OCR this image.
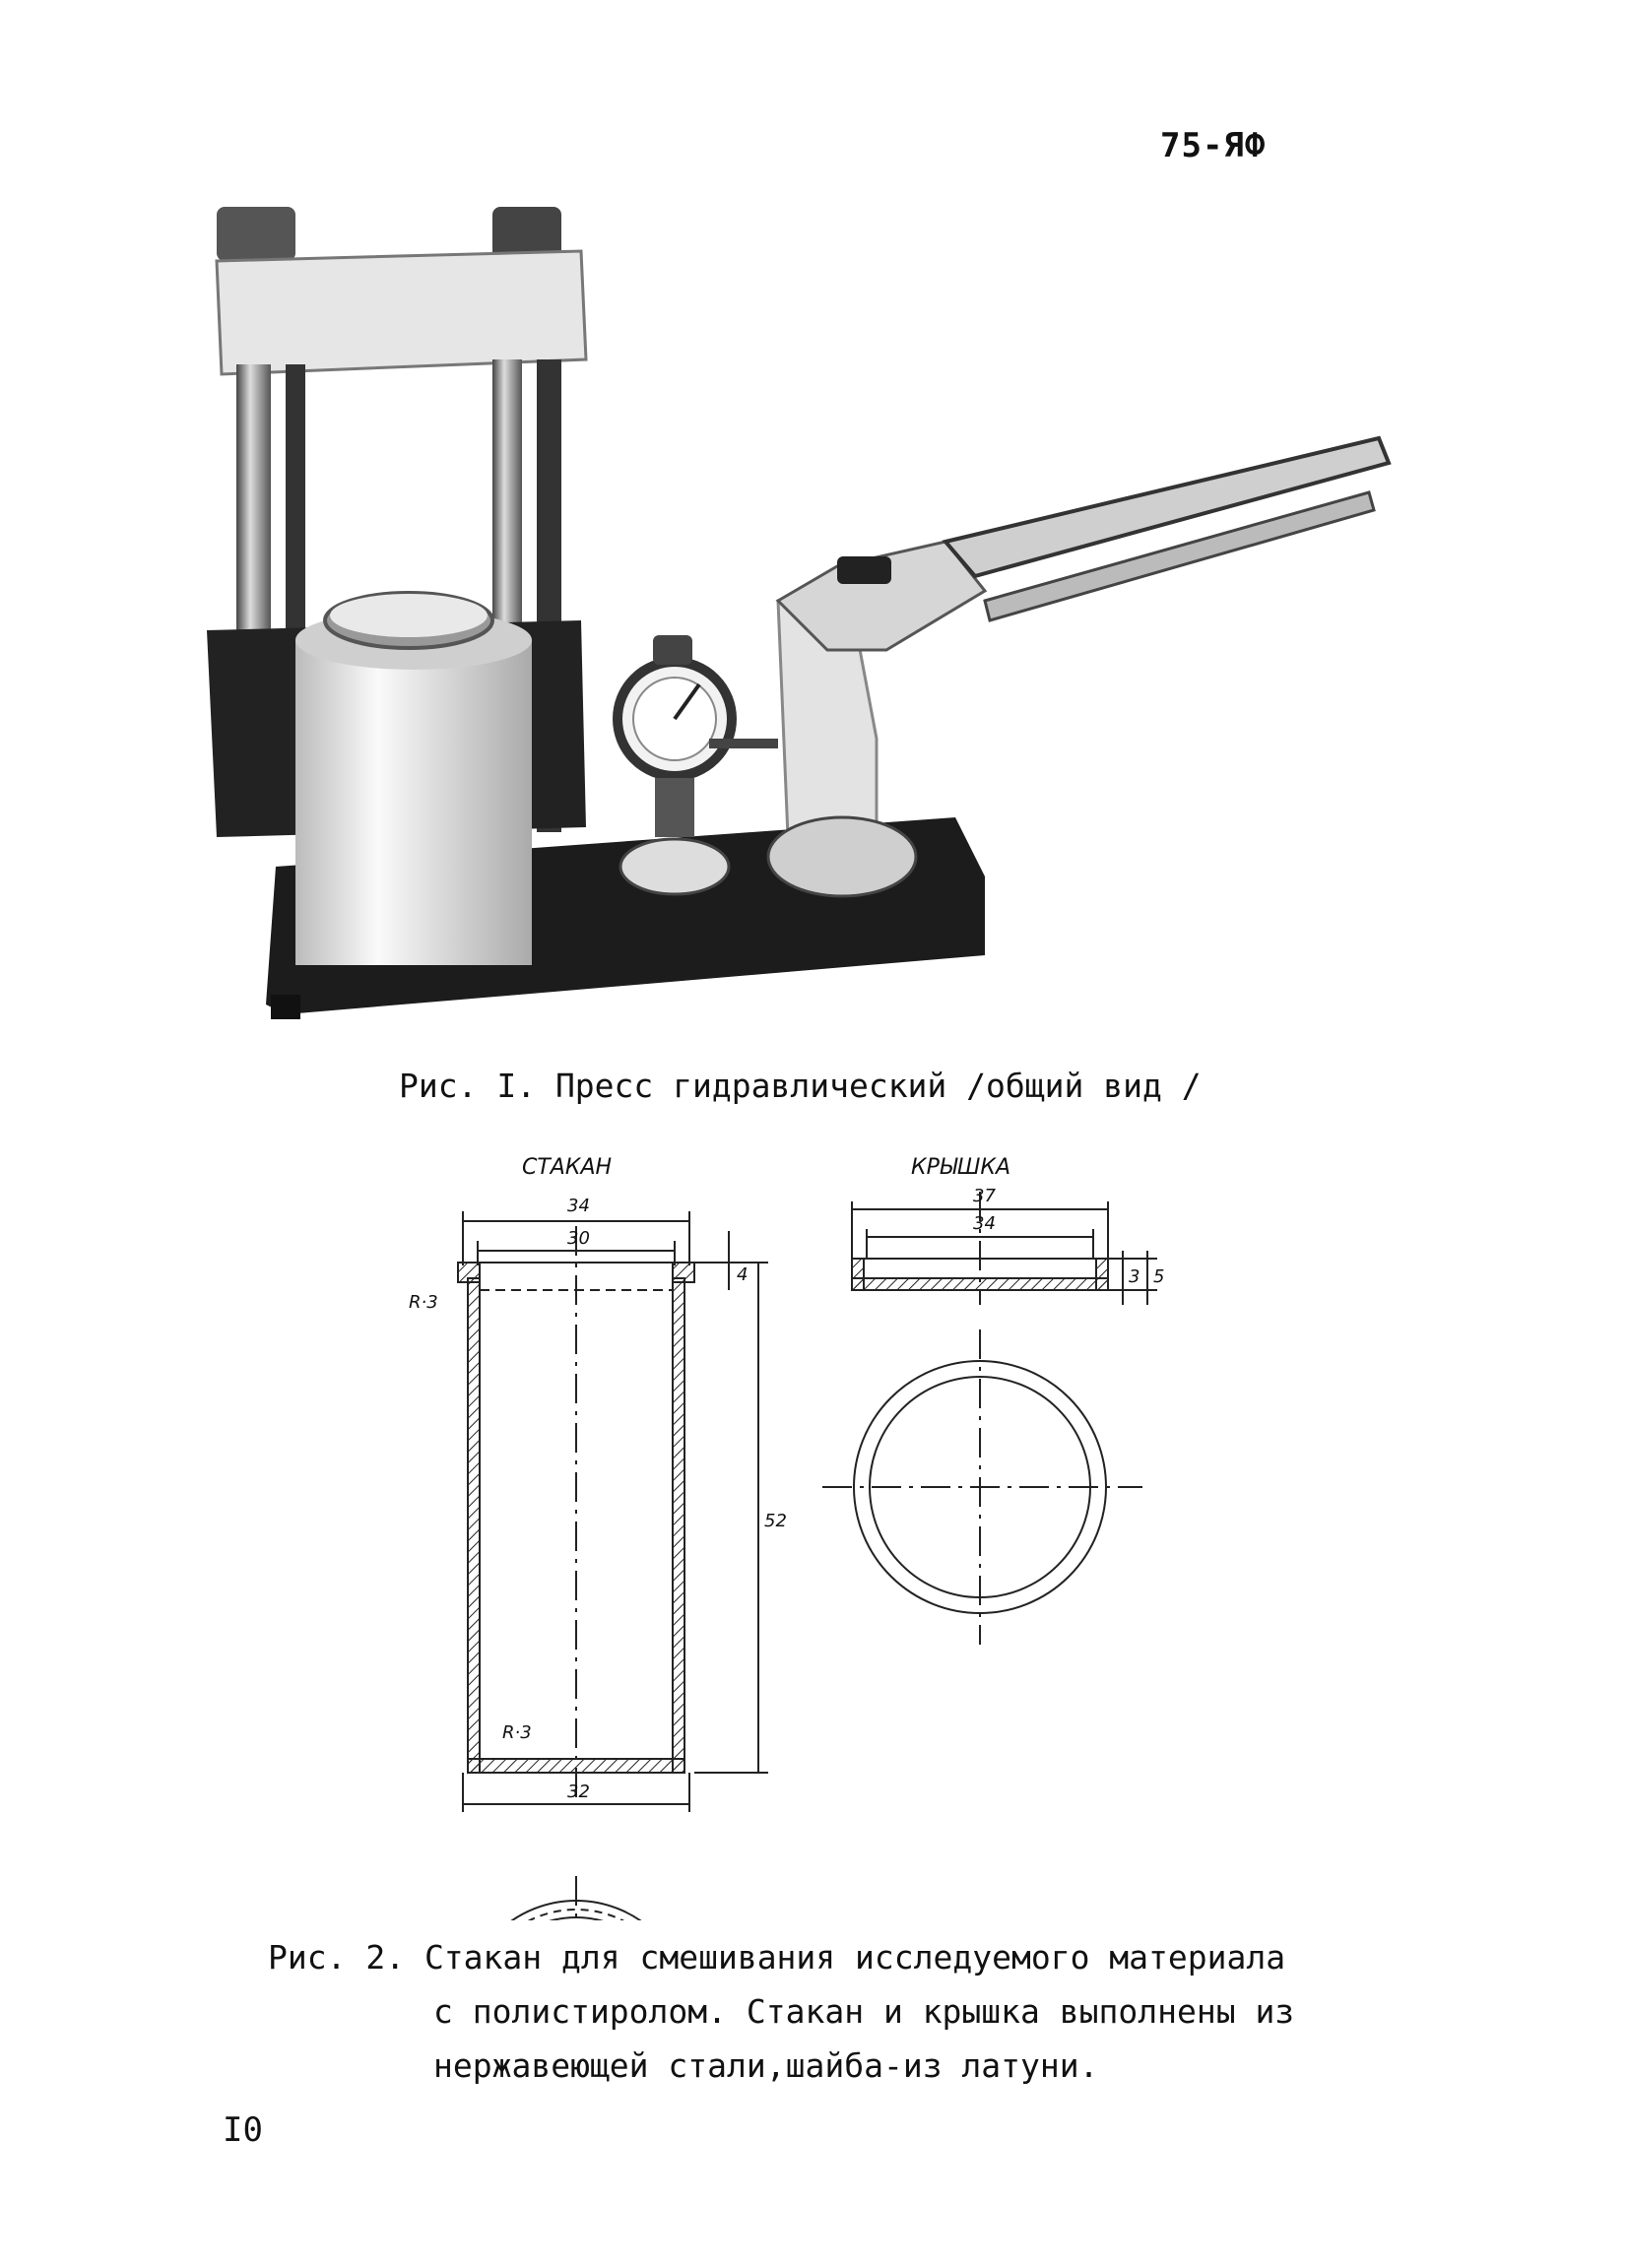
75-ЯФ
Рис. I. Пресс гидравлический /общий вид /
СТАКАН	КРЫШКА
34
30
4
52
32
R·3
R·3
37
34
3 5
Рис. 2. Стакан для смешивания исследуемого материала
с полистиролом. Стакан и крышка выполнены из
нержавеющей стали,шайба-из латуни.
I0
